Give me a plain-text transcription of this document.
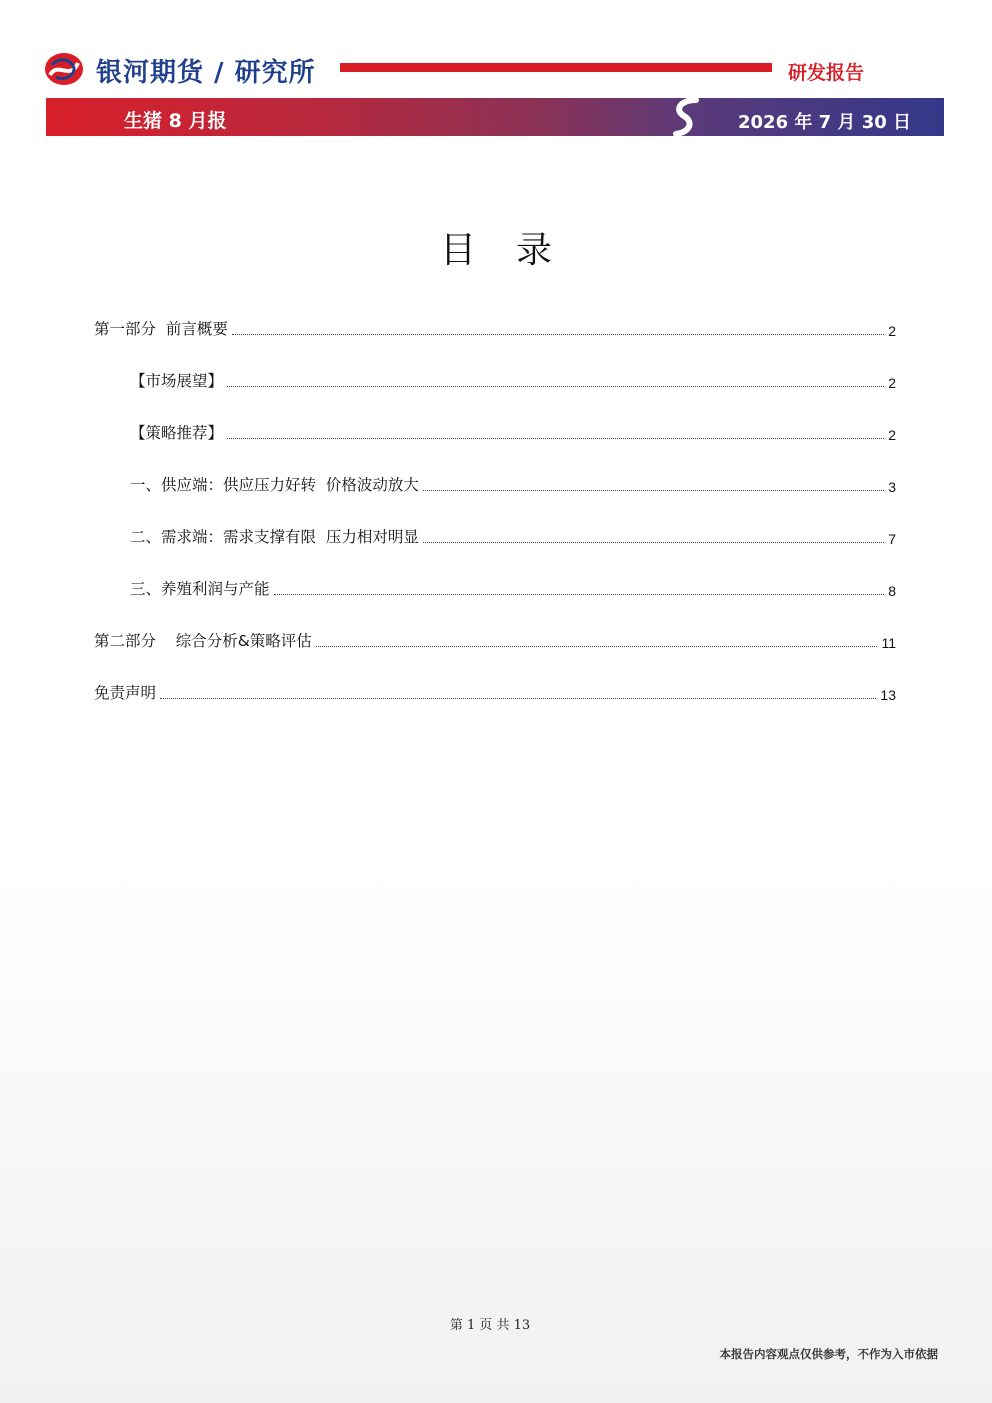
银河期货 / 研究所	研发报告
生猪 8 月报	2026 年 7 月 30 日
目录
第一部分  前言概要	2
【市场展望】	2
【策略推荐】	2
一、供应端：供应压力好转  价格波动放大	3
二、需求端：需求支撑有限  压力相对明显	7
三、养殖利润与产能	8
第二部分    综合分析&策略评估	11
免责声明	13
第 1 页 共 13
本报告内容观点仅供参考，不作为入市依据
